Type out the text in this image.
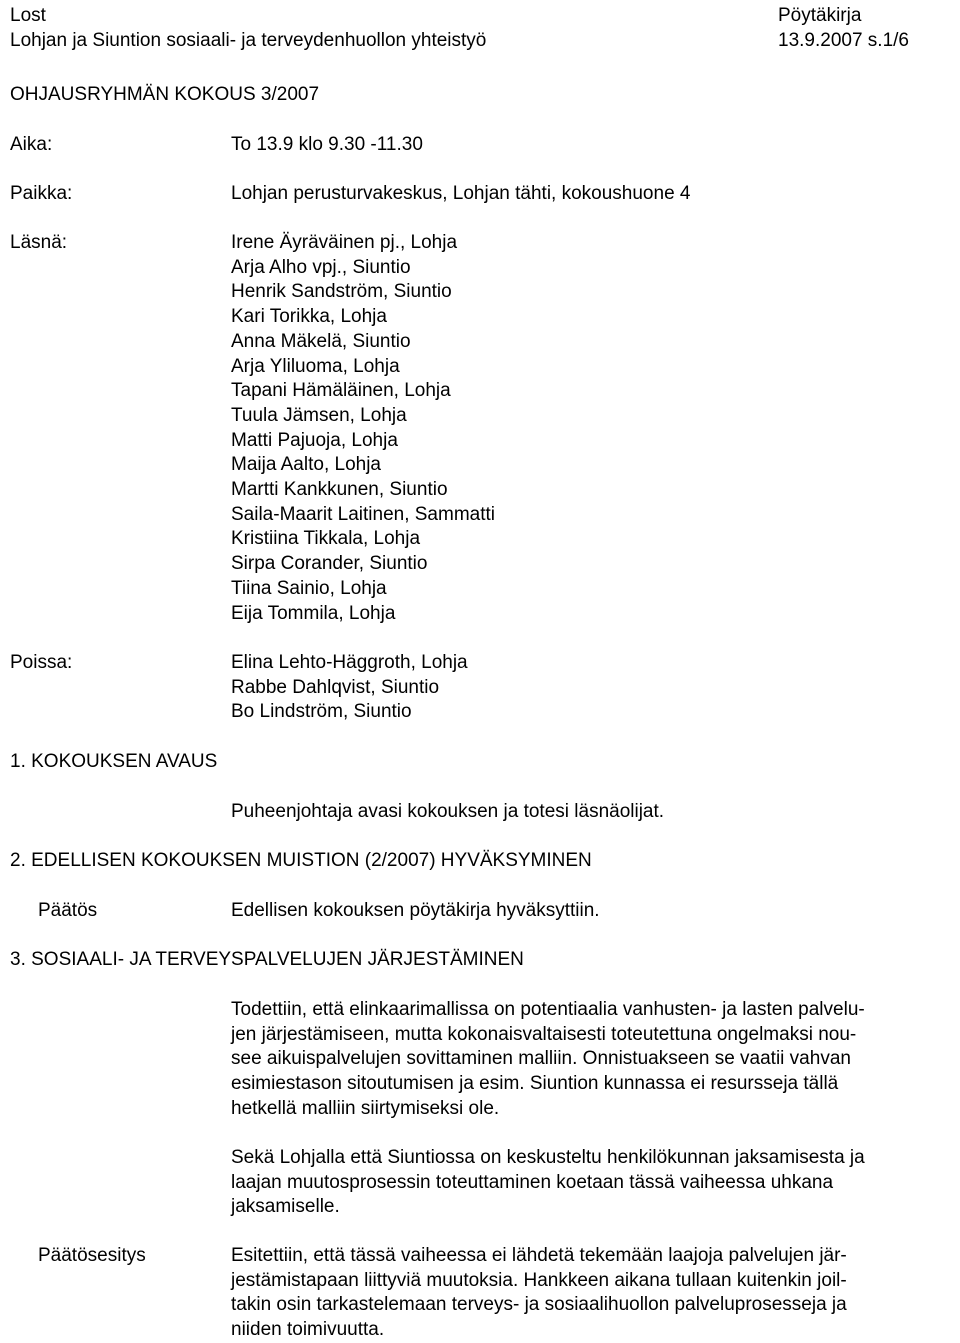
Lost
Lohjan ja Siuntion sosiaali- ja terveydenhuollon yhteistyö
Pöytäkirja
13.9.2007 s.1/6
OHJAUSRYHMÄN KOKOUS 3/2007
Aika:	To 13.9 klo 9.30 -11.30
Paikka:	Lohjan perusturvakeskus, Lohjan tähti, kokoushuone 4
Läsnä:	Irene Äyräväinen pj., Lohja
Arja Alho vpj., Siuntio
Henrik Sandström, Siuntio
Kari Torikka, Lohja
Anna Mäkelä, Siuntio
Arja Yliluoma, Lohja
Tapani Hämäläinen, Lohja
Tuula Jämsen, Lohja
Matti Pajuoja, Lohja
Maija Aalto, Lohja
Martti Kankkunen, Siuntio
Saila-Maarit Laitinen, Sammatti
Kristiina Tikkala, Lohja
Sirpa Corander, Siuntio
Tiina Sainio, Lohja
Eija Tommila, Lohja
Poissa:	Elina Lehto-Häggroth, Lohja
Rabbe Dahlqvist, Siuntio
Bo Lindström, Siuntio
1. KOKOUKSEN AVAUS
Puheenjohtaja avasi kokouksen ja totesi läsnäolijat.
2. EDELLISEN KOKOUKSEN MUISTION (2/2007) HYVÄKSYMINEN
Päätös	Edellisen kokouksen pöytäkirja hyväksyttiin.
3. SOSIAALI- JA TERVEYSPALVELUJEN JÄRJESTÄMINEN
Todettiin, että elinkaarimallissa on potentiaalia vanhusten- ja lasten palvelu-
jen järjestämiseen, mutta kokonaisvaltaisesti toteutettuna ongelmaksi nou-
see aikuispalvelujen sovittaminen malliin. Onnistuakseen se vaatii vahvan
esimiestason sitoutumisen ja esim. Siuntion kunnassa ei resursseja tällä
hetkellä malliin siirtymiseksi ole.
Sekä Lohjalla että Siuntiossa on keskusteltu henkilökunnan jaksamisesta ja
laajan muutosprosessin toteuttaminen koetaan tässä vaiheessa uhkana
jaksamiselle.
Päätösesitys	Esitettiin, että tässä vaiheessa ei lähdetä tekemään laajoja palvelujen jär-
jestämistapaan liittyviä muutoksia. Hankkeen aikana tullaan kuitenkin joil-
takin osin tarkastelemaan terveys- ja sosiaalihuollon palveluprosesseja ja
niiden toimivuutta.
